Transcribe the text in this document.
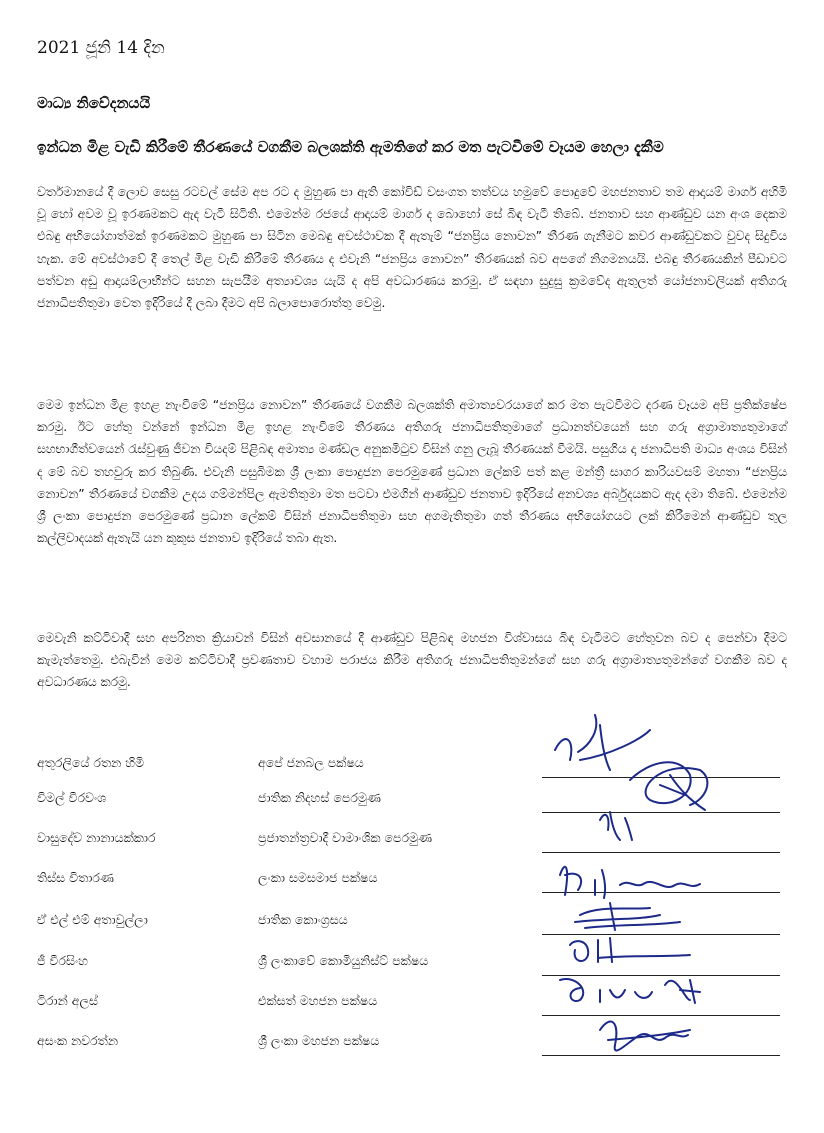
2021 ජූනි 14 දින
මාධ්‍ය නිවේදනයයි
ඉන්ධන මිළ වැඩි කිරීමේ තීරණයේ වගකීම බලශක්ති ඇමතිගේ කර මත පැටවීමේ වෑයම හෙලා දැකීම
වර්තමානයේ දී ලොව සෙසු රටවල් සේම අප රට ද මුහුණ පා ඇති කෝවිඩ් වසංගත තත්වය හමුවේ පොදුවේ මහජනතාව තම ආදායම් මාර්ග අහිමි වූ හෝ අවම වූ ඉරණමකට ඇද වැටී සිටිති. එමෙන්ම රජයේ ආදායම් මාර්ග ද බොහෝ සේ බිඳ වැටී තිබේ. ජනතාව සහ ආණ්ඩුව යන අංශ දෙකම එබඳු අභියෝගාත්මක් ඉරණමකට මුහුණ පා සිටින මෙබඳු අවස්ථාවක දී ඇතැම් “ජනප්‍රිය නොවන” තීරණ ගැනීමට කවර ආණ්ඩුවකට වුවද සිදුවිය හැක. මේ අවස්ථාවේ දී තෙල් මිළ වැඩි කිරීමේ තීරණය ද එවැනි “ජනප්‍රිය නොවන” තීරණයක් බව අපගේ නිගමනයයි. එබඳු තීරණයකින් පීඩාවට පත්වන අඩු ආදායම්ලාභීන්ට සහන සැපයීම අත්‍යාවශ්‍ය යැයි ද අපි අවධාරණය කරමු. ඒ සඳහා සුදුසු ක්‍රමවේද ඇතුලත් යෝජනාවලියක් අතිගරු ජනාධිපතිතුමා වෙත ඉදිරියේ දී ලබා දීමට අපි බලාපොරොත්තු වෙමු.
මෙම ඉන්ධන මිළ ඉහළ නැංවීමේ “ජනප්‍රිය නොවන” තීරණයේ වගකීම බලශක්ති අමාත්‍යවරයාගේ කර මත පැටවීමට දරණ වෑයම අපි ප්‍රතික්ෂේප කරමු. ඊට හේතු වන්නේ ඉන්ධන මිළ ඉහළ නැංවීමේ තීරණය අතිගරු ජනාධිපතිතුමාගේ ප්‍රධානත්වයෙන් සහ ගරු අග්‍රාමාත්‍යතුමාගේ සහභාගීත්වයෙන් රැස්වුණු ජීවන වියදම් පිළිබඳ අමාත්‍ය මණ්ඩල අනුකමිටුව විසින් ගනු ලැබූ තීරණයක් වීමයි. පසුගිය දා ජනාධිපති මාධ්‍ය අංශය විසින් ද මේ බව තහවුරු කර තිබුණි. එවැනි පසුබිමක ශ්‍රී ලංකා පොදුජන පෙරමුණේ ප්‍රධාන ලේකම් පත් කළ මන්ත්‍රී සාගර කාරියවසම් මහතා “ජනප්‍රිය නොවන” තීරණයේ වගකීම උදය ගම්මන්පිල ඇමතිතුමා මත පටවා එමගින් ආණ්ඩුව ජනතාව ඉදිරියේ අනවශ්‍ය අර්බුදයකට ඇද දමා තිබේ. එමෙන්ම ශ්‍රී ලංකා පොදුජන පෙරමුණේ ප්‍රධාන ලේකම් විසින් ජනාධිපතිතුමා සහ අගමැතිතුමා ගත් තීරණය අභියෝගයට ලක් කිරීමෙන් ආණ්ඩුව තුල කල්ලිවාදයක් ඇතැයි යන කුකුස ජනතාව ඉදිරියේ තබා ඇත.
මෙවැනි කට්ටිවාදී සහ අපරිනත ක්‍රියාවන් විසින් අවසානයේ දී ආණ්ඩුව පිළිබඳ මහජන විශ්වාසය බිඳ වැටීමට හේතුවන බව ද පෙන්වා දීමට කැමැත්තෙමු. එබැවින් මෙම කට්ටිවාදී ප්‍රවණතාව වහාම පරාජය කිරීම අතිගරු ජනාධිපතිතුමන්ගේ සහ ගරු අග්‍රාමාත්‍යතුමන්ගේ වගකීම බව ද අවධාරණය කරමු.
අතුරලියේ රතන හිමි	අපේ ජනබල පක්ෂය
විමල් වීරවංශ	ජාතික නිදහස් පෙරමුණ
වාසුදේව නානායක්කාර	ප්‍රජාතන්ත්‍රවාදී වාමාංශික පෙරමුණ
තිස්ස විතාරණ	ලංකා සමසමාජ පක්ෂය
ඒ එල් එම් අතාවුල්ලා	ජාතික කොංග්‍රසය
ජී වීරසිංහ	ශ්‍රී ලංකාවේ කොමියුනිස්ට් පක්ෂය
ටිරාන් අලස්	එක්සත් මහජන පක්ෂය
අසංක නවරත්න	ශ්‍රී ලංකා මහජන පක්ෂය
